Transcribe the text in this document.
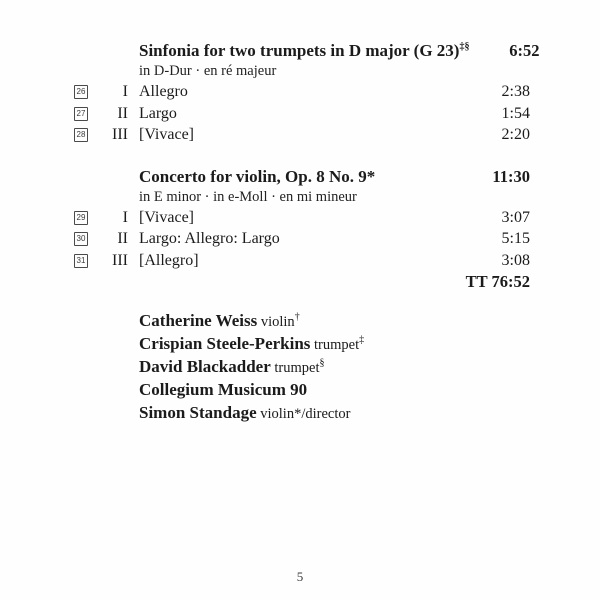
Sinfonia for two trumpets in D major (G 23)‡§	6:52
in D-Dur · en ré majeur
26	I Allegro	2:38
27	II Largo	1:54
28	III [Vivace]	2:20
Concerto for violin, Op. 8 No. 9*	11:30
in E minor · in e-Moll · en mi mineur
29	I [Vivace]	3:07
30	II Largo: Allegro: Largo	5:15
31	III [Allegro]	3:08
TT 76:52
Catherine Weiss violin†
Crispian Steele-Perkins trumpet‡
David Blackadder trumpet§
Collegium Musicum 90
Simon Standage violin*/director
5
